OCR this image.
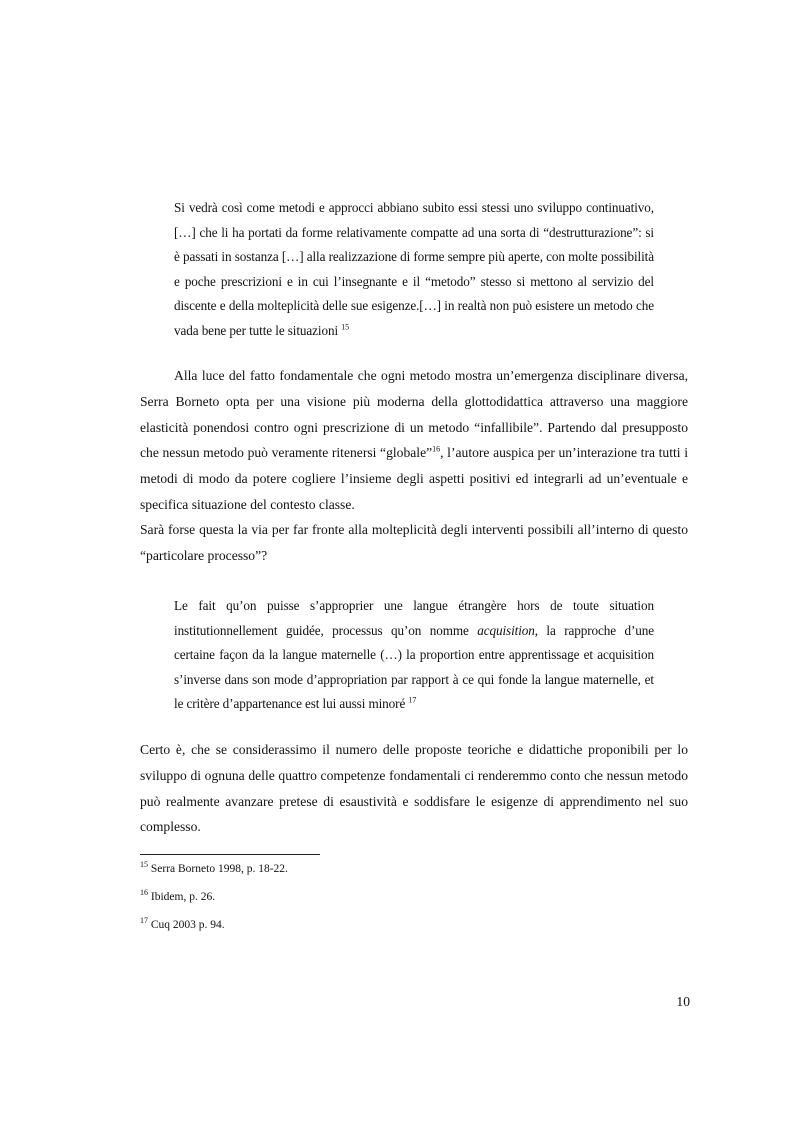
Si vedrà così come metodi e approcci abbiano subito essi stessi uno sviluppo continuativo, […] che li ha portati da forme relativamente compatte ad una sorta di “destrutturazione”: si è passati in sostanza […] alla realizzazione di forme sempre più aperte, con molte possibilità e poche prescrizioni e in cui l’insegnante e il “metodo” stesso si mettono al servizio del discente e della molteplicità delle sue esigenze.[…] in realtà non può esistere un metodo che vada bene per tutte le situazioni $^{15}$

Alla luce del fatto fondamentale che ogni metodo mostra un’emergenza disciplinare diversa, Serra Borneto opta per una visione più moderna della glottodidattica attraverso una maggiore elasticità ponendosi contro ogni prescrizione di un metodo “infallibile”. Partendo dal presupposto che nessun metodo può veramente ritenersi “globale”$^{16}$, l’autore auspica per un’interazione tra tutti i metodi di modo da potere cogliere l’insieme degli aspetti positivi ed integrarli ad un’eventuale e specifica situazione del contesto classe.

Sarà forse questa la via per far fronte alla molteplicità degli interventi possibili all’interno di questo “particolare processo”?

Le fait qu’on puisse s’approprier une langue étrangère hors de toute situation institutionnellement guidée, processus qu’on nomme acquisition, la rapproche d’une certaine façon da la langue maternelle (…) la proportion entre apprentissage et acquisition s’inverse dans son mode d’appropriation par rapport à ce qui fonde la langue maternelle, et le critère d’appartenance est lui aussi minoré $^{17}$

Certo è, che se considerassimo il numero delle proposte teoriche e didattiche proponibili per lo sviluppo di ognuna delle quattro competenze fondamentali ci renderemmo conto che nessun metodo può realmente avanzare pretese di esaustività e soddisfare le esigenze di apprendimento nel suo complesso.

$^{15}$ Serra Borneto 1998, p. 18-22.
$^{16}$ Ibidem, p. 26.
$^{17}$ Cuq 2003 p. 94.
10
